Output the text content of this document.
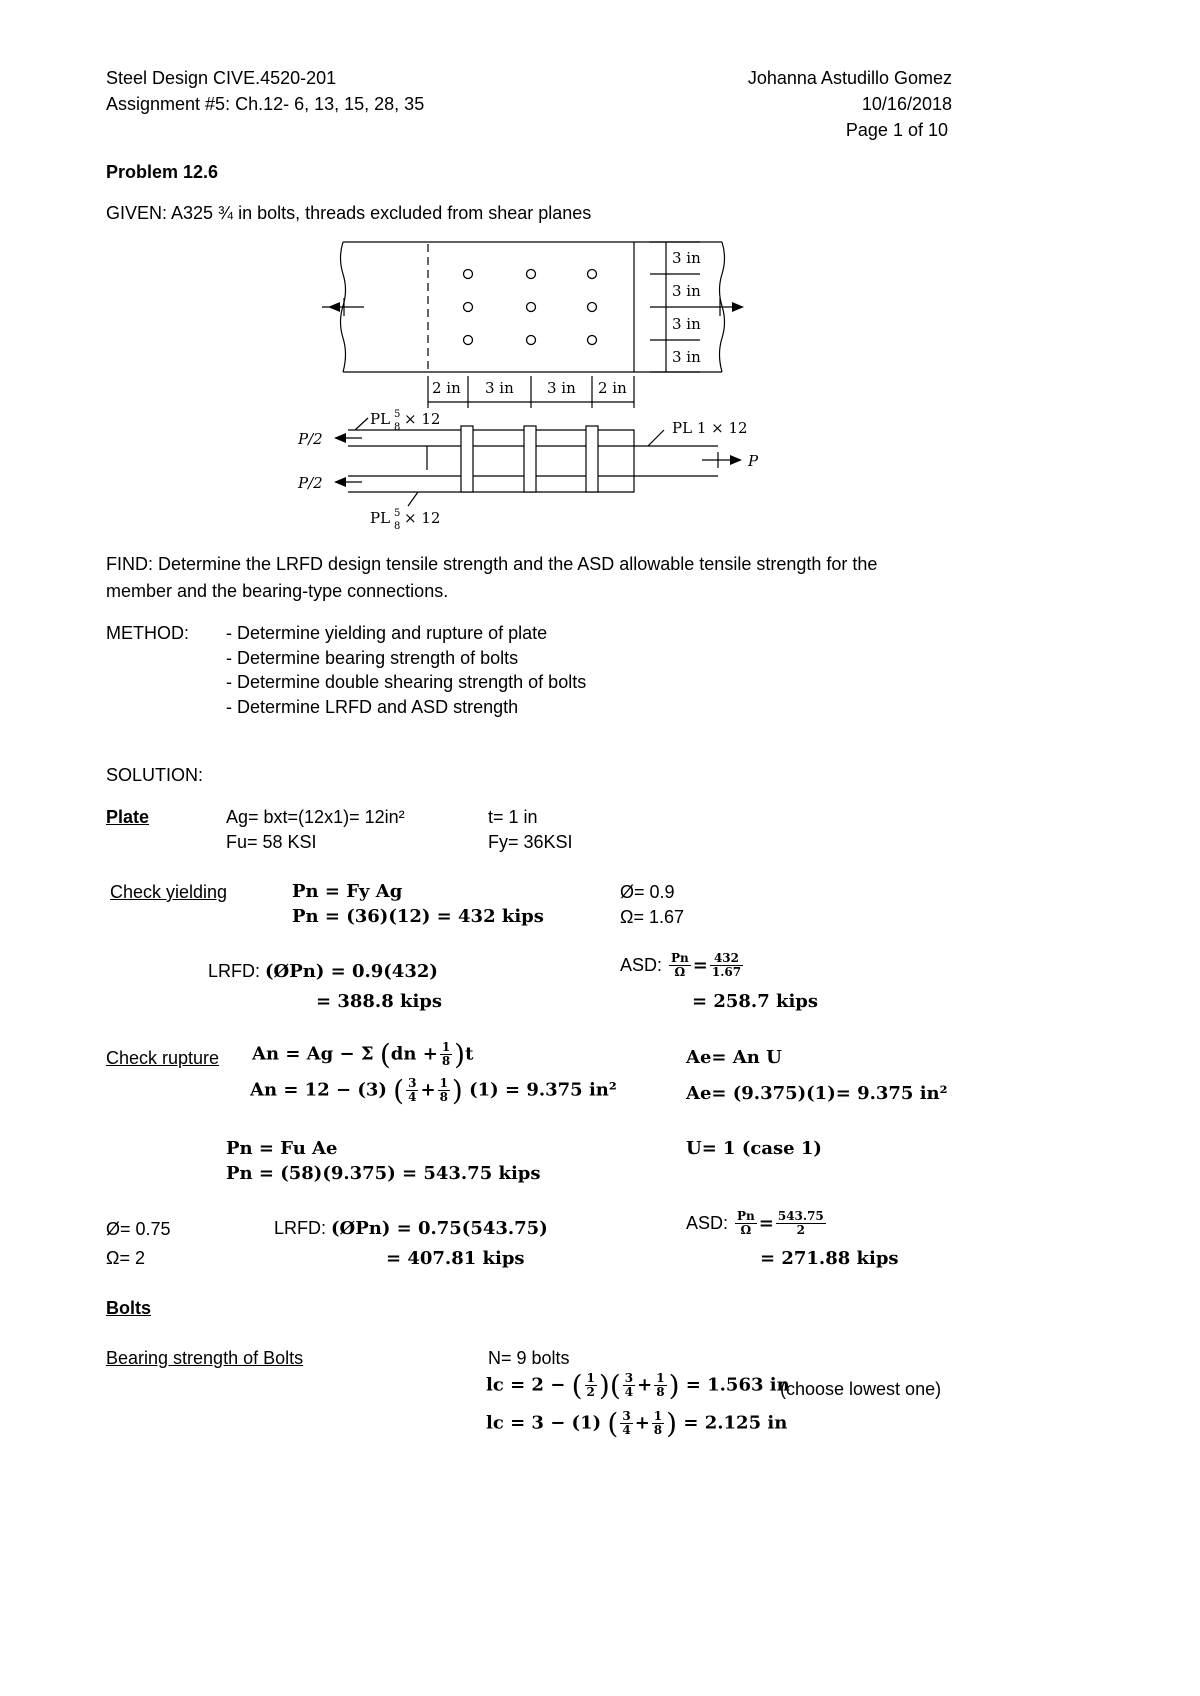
Steel Design CIVE.4520-201
Assignment #5: Ch.12- 6, 13, 15, 28, 35
Johanna Astudillo Gomez
10/16/2018
Page 1 of 10
Problem 12.6
GIVEN: A325 ¾ in bolts, threads excluded from shear planes
3 in
3 in
3 in
3 in
2 in 3 in 3 in 2 in
PL 5
8 × 12
PL 5
8 × 12
PL 1 × 12
P/2
P/2
P
FIND: Determine the LRFD design tensile strength and the ASD allowable tensile strength for the
member and the bearing-type connections.
METHOD: - Determine yielding and rupture of plate
- Determine bearing strength of bolts
- Determine double shearing strength of bolts
- Determine LRFD and ASD strength
SOLUTION:
Plate	Ag= bxt=(12x1)= 12in²	t= 1 in
Fu= 58 KSI	Fy= 36KSI
Check yielding	Pn = Fy Ag
Pn = (36)(12) = 432 kips
Ø= 0.9
Ω= 1.67
LRFD: (ØPn) = 0.9(432)
= 388.8 kips
ASD: $\frac{Pn}{\Omega} = \frac{432}{1.67}$
= 258.7 kips
Check rupture An = Ag − Σ $(dn + \frac{1}{8} )t$
An = 12 − (3) ( $\frac{3}{4} + \frac{1}{8}$ ) (1) = 9.375 in²
Ae= An U
Ae= (9.375)(1)= 9.375 in²
Pn = Fu Ae
Pn = (58)(9.375) = 543.75 kips
U= 1 (case 1)
Ø= 0.75
Ω= 2
LRFD: (ØPn) = 0.75(543.75)
= 407.81 kips
ASD: $\frac{Pn}{\Omega} = \frac{543.75}{2}$
= 271.88 kips
Bolts
Bearing strength of Bolts	N= 9 bolts
lc = 2 − ( $\frac{1}{2}$ )( $\frac{3}{4} + \frac{1}{8}$ ) = 1.563 in
(choose lowest one)
lc = 3 − (1) ( $\frac{3}{4} + \frac{1}{8}$ ) = 2.125 in
